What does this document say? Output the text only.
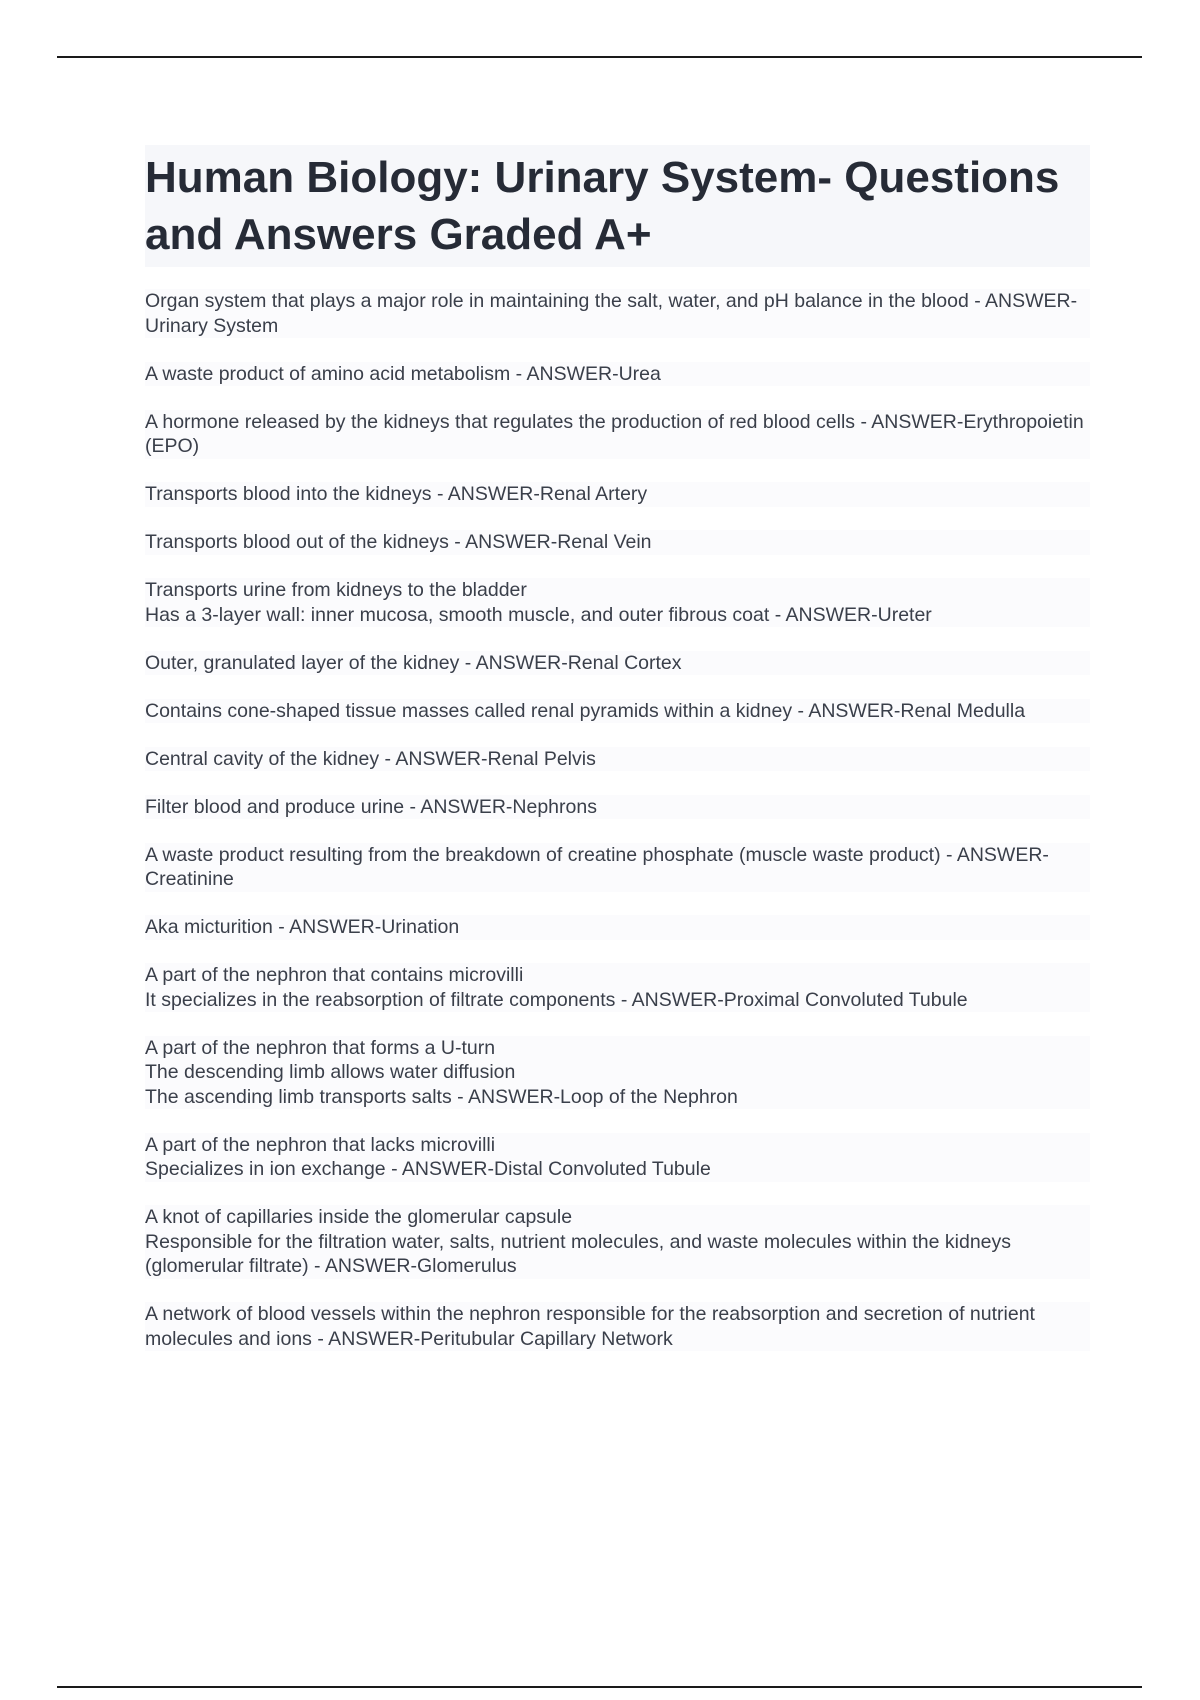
Human Biology: Urinary System- Questions and Answers Graded A+
Organ system that plays a major role in maintaining the salt, water, and pH balance in the blood - ANSWER-Urinary System
A waste product of amino acid metabolism - ANSWER-Urea
A hormone released by the kidneys that regulates the production of red blood cells - ANSWER-Erythropoietin (EPO)
Transports blood into the kidneys - ANSWER-Renal Artery
Transports blood out of the kidneys - ANSWER-Renal Vein
Transports urine from kidneys to the bladder
Has a 3-layer wall: inner mucosa, smooth muscle, and outer fibrous coat - ANSWER-Ureter
Outer, granulated layer of the kidney - ANSWER-Renal Cortex
Contains cone-shaped tissue masses called renal pyramids within a kidney - ANSWER-Renal Medulla
Central cavity of the kidney - ANSWER-Renal Pelvis
Filter blood and produce urine - ANSWER-Nephrons
A waste product resulting from the breakdown of creatine phosphate (muscle waste product) - ANSWER-Creatinine
Aka micturition - ANSWER-Urination
A part of the nephron that contains microvilli
It specializes in the reabsorption of filtrate components - ANSWER-Proximal Convoluted Tubule
A part of the nephron that forms a U-turn
The descending limb allows water diffusion
The ascending limb transports salts - ANSWER-Loop of the Nephron
A part of the nephron that lacks microvilli
Specializes in ion exchange - ANSWER-Distal Convoluted Tubule
A knot of capillaries inside the glomerular capsule
Responsible for the filtration water, salts, nutrient molecules, and waste molecules within the kidneys (glomerular filtrate) - ANSWER-Glomerulus
A network of blood vessels within the nephron responsible for the reabsorption and secretion of nutrient molecules and ions - ANSWER-Peritubular Capillary Network
